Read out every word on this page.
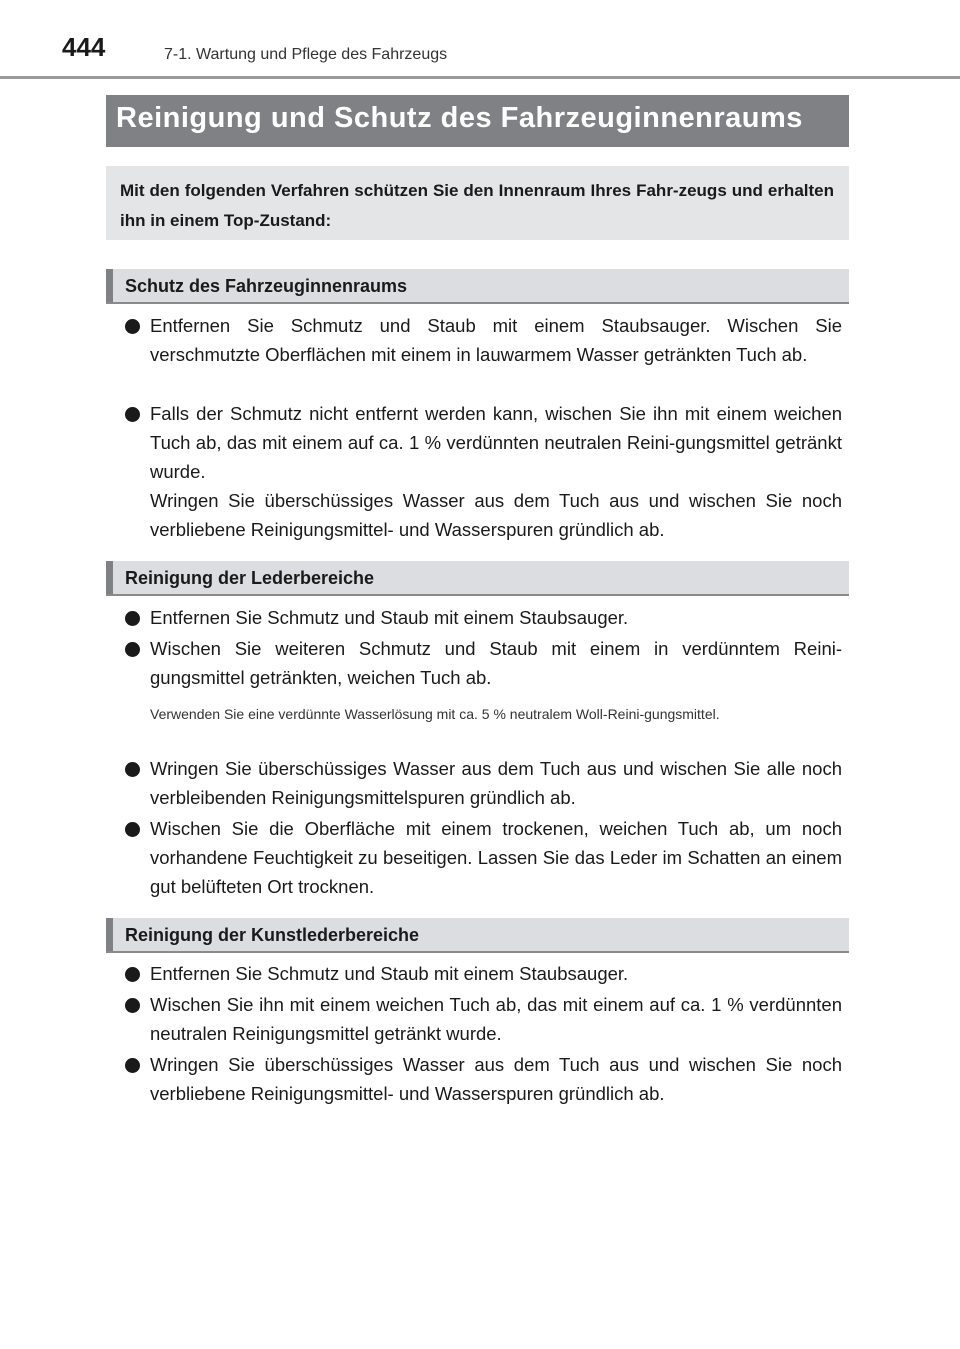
444	7-1. Wartung und Pflege des Fahrzeugs
Reinigung und Schutz des Fahrzeuginnenraums
Mit den folgenden Verfahren schützen Sie den Innenraum Ihres Fahr-zeugs und erhalten ihn in einem Top-Zustand:
Schutz des Fahrzeuginnenraums

Entfernen Sie Schmutz und Staub mit einem Staubsauger. Wischen Sie verschmutzte Oberflächen mit einem in lauwarmem Wasser getränkten Tuch ab.

Falls der Schmutz nicht entfernt werden kann, wischen Sie ihn mit einem weichen Tuch ab, das mit einem auf ca. 1 % verdünnten neutralen Reini-gungsmittel getränkt wurde.

Wringen Sie überschüssiges Wasser aus dem Tuch aus und wischen Sie noch verbliebene Reinigungsmittel- und Wasserspuren gründlich ab.

Reinigung der Lederbereiche

Entfernen Sie Schmutz und Staub mit einem Staubsauger.

Wischen Sie weiteren Schmutz und Staub mit einem in verdünntem Reini-gungsmittel getränkten, weichen Tuch ab.

Verwenden Sie eine verdünnte Wasserlösung mit ca. 5 % neutralem Woll-Reini-gungsmittel.

Wringen Sie überschüssiges Wasser aus dem Tuch aus und wischen Sie alle noch verbleibenden Reinigungsmittelspuren gründlich ab.

Wischen Sie die Oberfläche mit einem trockenen, weichen Tuch ab, um noch vorhandene Feuchtigkeit zu beseitigen. Lassen Sie das Leder im Schatten an einem gut belüfteten Ort trocknen.

Reinigung der Kunstlederbereiche

Entfernen Sie Schmutz und Staub mit einem Staubsauger.

Wischen Sie ihn mit einem weichen Tuch ab, das mit einem auf ca. 1 % verdünnten neutralen Reinigungsmittel getränkt wurde.

Wringen Sie überschüssiges Wasser aus dem Tuch aus und wischen Sie noch verbliebene Reinigungsmittel- und Wasserspuren gründlich ab.
